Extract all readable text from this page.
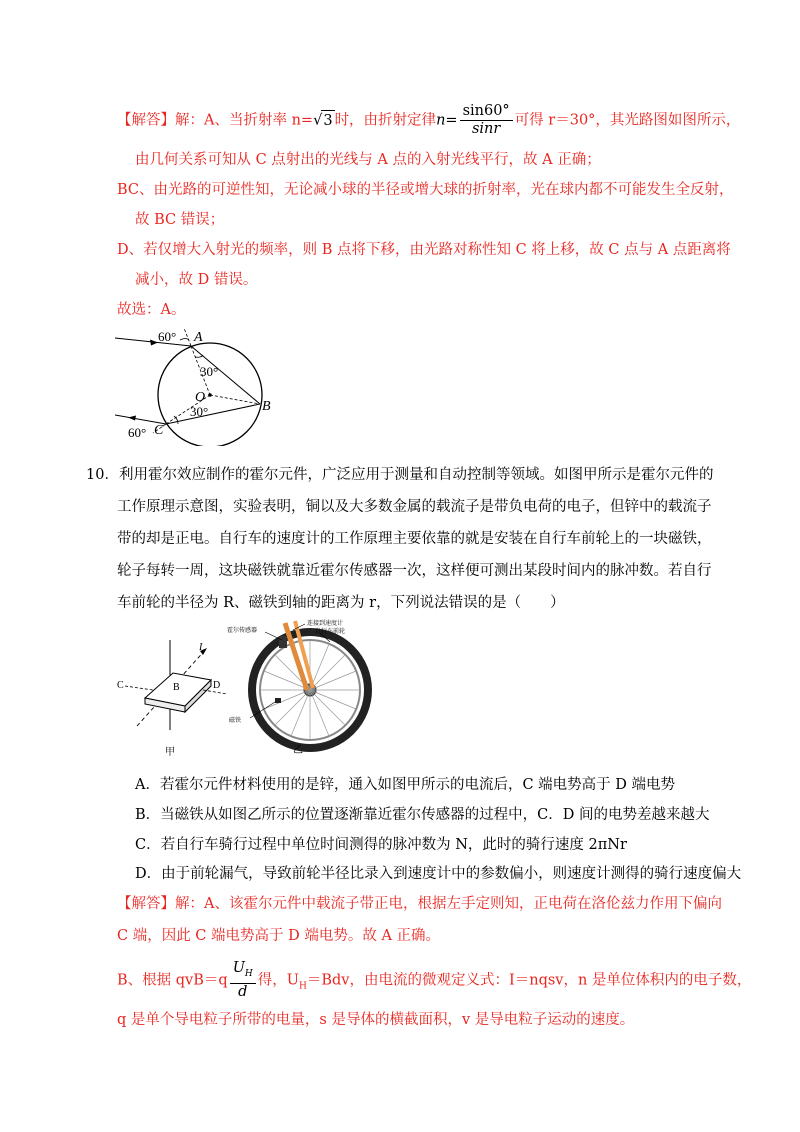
【解答】解：A、当折射率 n=√3 时，由折射定律$n= \frac{\sin 60^\circ}{\sin r}$ 可得 r＝30°，其光路图如图所示，
由几何关系可知从 C 点射出的光线与 A 点的入射光线平行，故 A 正确；
BC、由光路的可逆性知，无论减小球的半径或增大球的折射率，光在球内都不可能发生全反射，
故 BC 错误；
D、若仅增大入射光的频率，则 B 点将下移，由光路对称性知 C 将上移，故 C 点与 A 点距离将
减小，故 D 错误。
故选：A。
A
B
C
O
60°
60°
30°
30°
10．利用霍尔效应制作的霍尔元件，广泛应用于测量和自动控制等领域。如图甲所示是霍尔元件的
工作原理示意图，实验表明，铜以及大多数金属的载流子是带负电荷的电子，但锌中的载流子
带的却是正电。自行车的速度计的工作原理主要依靠的就是安装在自行车前轮上的一块磁铁，
轮子每转一周，这块磁铁就靠近霍尔传感器一次，这样便可测出某段时间内的脉冲数。若自行
车前轮的半径为 R、磁铁到轴的距离为 r，下列说法错误的是（　　）
C	D
B
I
甲
霍尔传感器
连接到速度计
自行车前轮
磁铁
乙
A．若霍尔元件材料使用的是锌，通入如图甲所示的电流后，C 端电势高于 D 端电势
B．当磁铁从如图乙所示的位置逐渐靠近霍尔传感器的过程中，C．D 间的电势差越来越大
C．若自行车骑行过程中单位时间测得的脉冲数为 N，此时的骑行速度 2πNr
D．由于前轮漏气，导致前轮半径比录入到速度计中的参数偏小，则速度计测得的骑行速度偏大
【解答】解：A、该霍尔元件中载流子带正电，根据左手定则知，正电荷在洛伦兹力作用下偏向
C 端，因此 C 端电势高于 D 端电势。故 A 正确。
B、根据 $qvB=q \frac{U_H}{d}$ 得，$U_H=Bdv$，由电流的微观定义式：I＝nqsv，n 是单位体积内的电子数，
q 是单个导电粒子所带的电量，s 是导体的横截面积，v 是导电粒子运动的速度。
